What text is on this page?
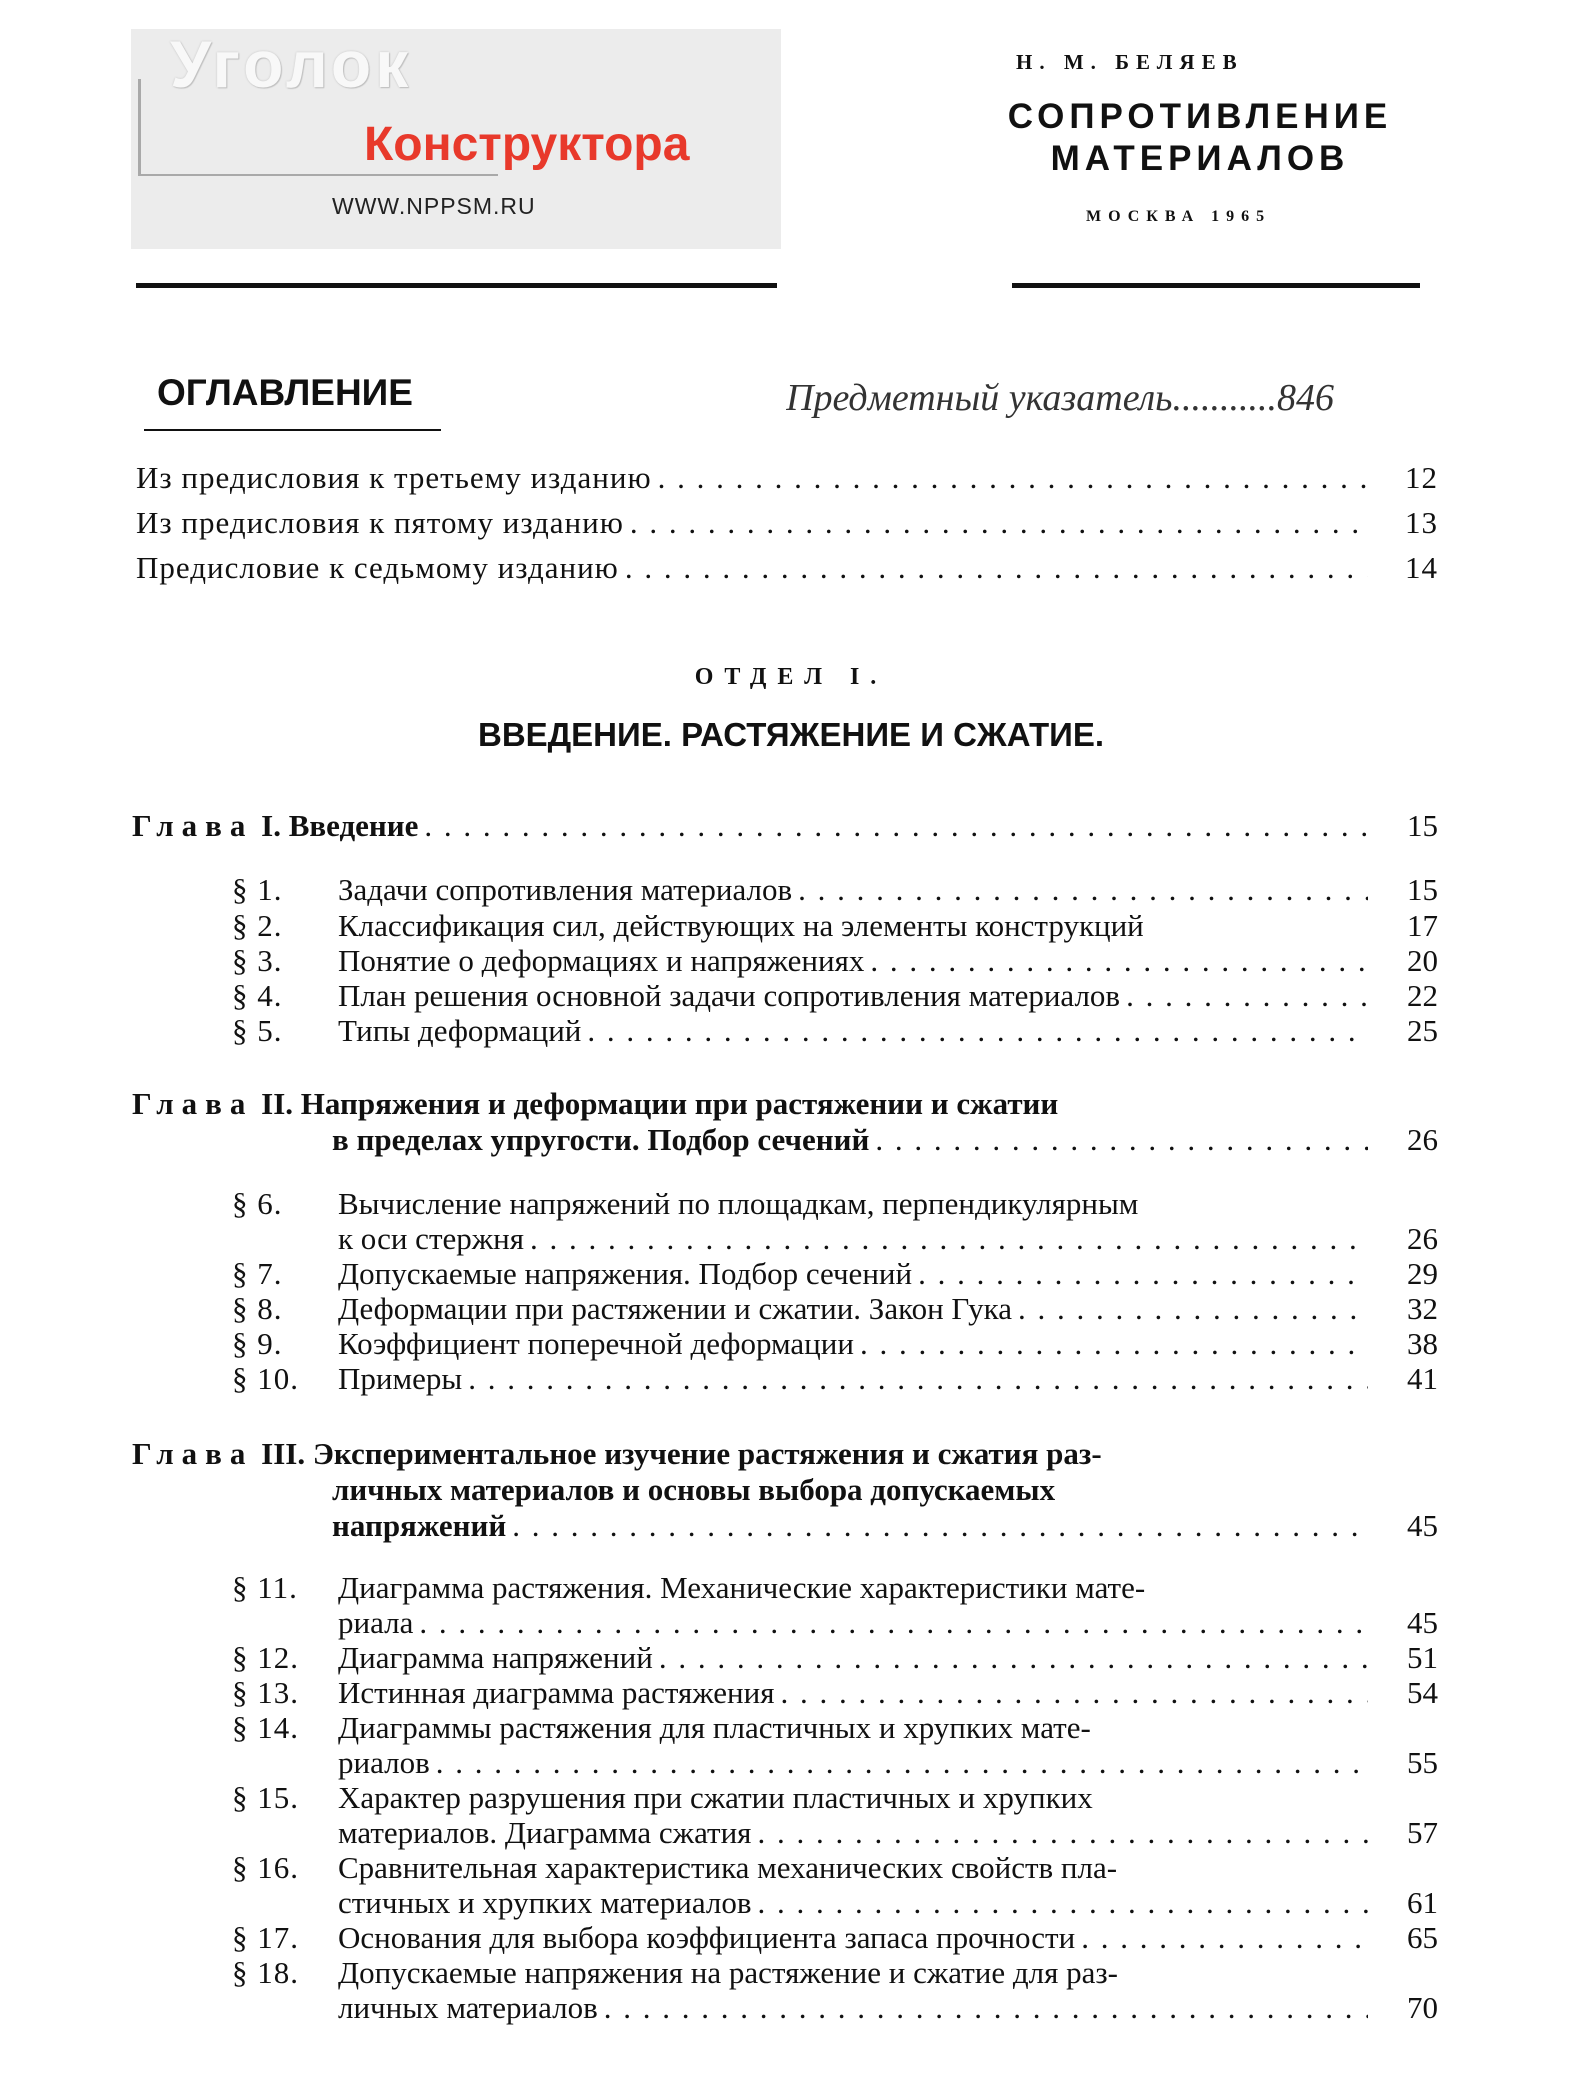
Уголок
Конструктора
WWW.NPPSM.RU
Н. М. БЕЛЯЕВ
СОПРОТИВЛЕНИЕ
МАТЕРИАЛОВ
МОСКВА 1965
ОГЛАВЛЕНИЕ	Предметный указатель...........846
Из предисловия к третьему изданию . . .	12
Из предисловия к пятому изданию . . .	13
Предисловие к седьмому изданию . . .	14
ОТДЕЛ I.
ВВЕДЕНИЕ. РАСТЯЖЕНИЕ И СЖАТИЕ.
Глава
I.
Введение . . .	15
§ 1.	Задачи сопротивления материалов . . .	15
§ 2.	Классификация сил, действующих на элементы конструкций	17
§ 3.	Понятие о деформациях и напряжениях . . .	20
§ 4.	План решения основной задачи сопротивления материалов . . .	22
§ 5.	Типы деформаций . . .	25
Глава
II.
Напряжения и деформации при растяжении и сжатии
в пределах упругости. Подбор сечений . . .	26
§ 6.	Вычисление напряжений по площадкам, перпендикулярным
к оси стержня . . .	26
§ 7.	Допускаемые напряжения. Подбор сечений . . .	29
§ 8.	Деформации при растяжении и сжатии. Закон Гука . . .	32
§ 9.	Коэффициент поперечной деформации . . .	38
§ 10.	Примеры . . .	41
Глава
III.
Экспериментальное изучение растяжения и сжатия раз-
личных материалов и основы выбора допускаемых
напряжений . . .	45
§ 11.	Диаграмма растяжения. Механические характеристики мате-
риала . . .	45
§ 12.	Диаграмма напряжений . . .	51
§ 13.	Истинная диаграмма растяжения . . .	54
§ 14.	Диаграммы растяжения для пластичных и хрупких мате-
риалов . . .	55
§ 15.	Характер разрушения при сжатии пластичных и хрупких
материалов. Диаграмма сжатия . . .	57
§ 16.	Сравнительная характеристика механических свойств пла-
стичных и хрупких материалов . . .	61
§ 17.	Основания для выбора коэффициента запаса прочности . . .	65
§ 18.	Допускаемые напряжения на растяжение и сжатие для раз-
личных материалов . . .	70
